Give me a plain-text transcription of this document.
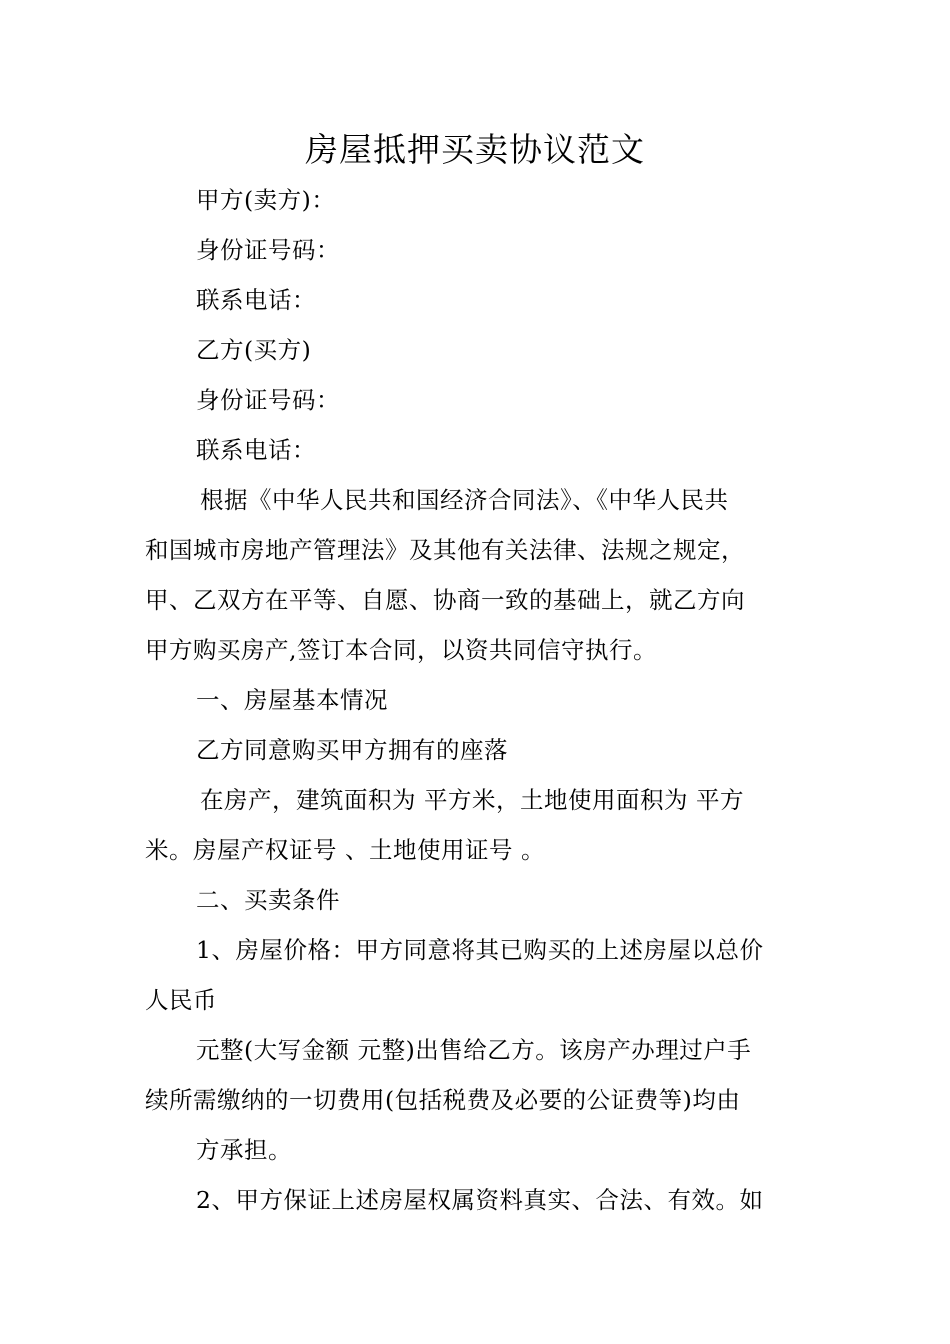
房屋抵押买卖协议范文
甲方(卖方)：
身份证号码：
联系电话：
乙方(买方)
身份证号码：
联系电话：
根据《中华人民共和国经济合同法》、《中华人民共
和国城市房地产管理法》及其他有关法律、法规之规定，
甲、乙双方在平等、自愿、协商一致的基础上，就乙方向
甲方购买房产,签订本合同，以资共同信守执行。
一、房屋基本情况
乙方同意购买甲方拥有的座落
在房产，建筑面积为 平方米，土地使用面积为 平方
米。房屋产权证号 、土地使用证号 。
二、买卖条件
1、房屋价格：甲方同意将其已购买的上述房屋以总价
人民币
元整(大写金额 元整)出售给乙方。该房产办理过户手
续所需缴纳的一切费用(包括税费及必要的公证费等)均由
方承担。
2、甲方保证上述房屋权属资料真实、合法、有效。如
